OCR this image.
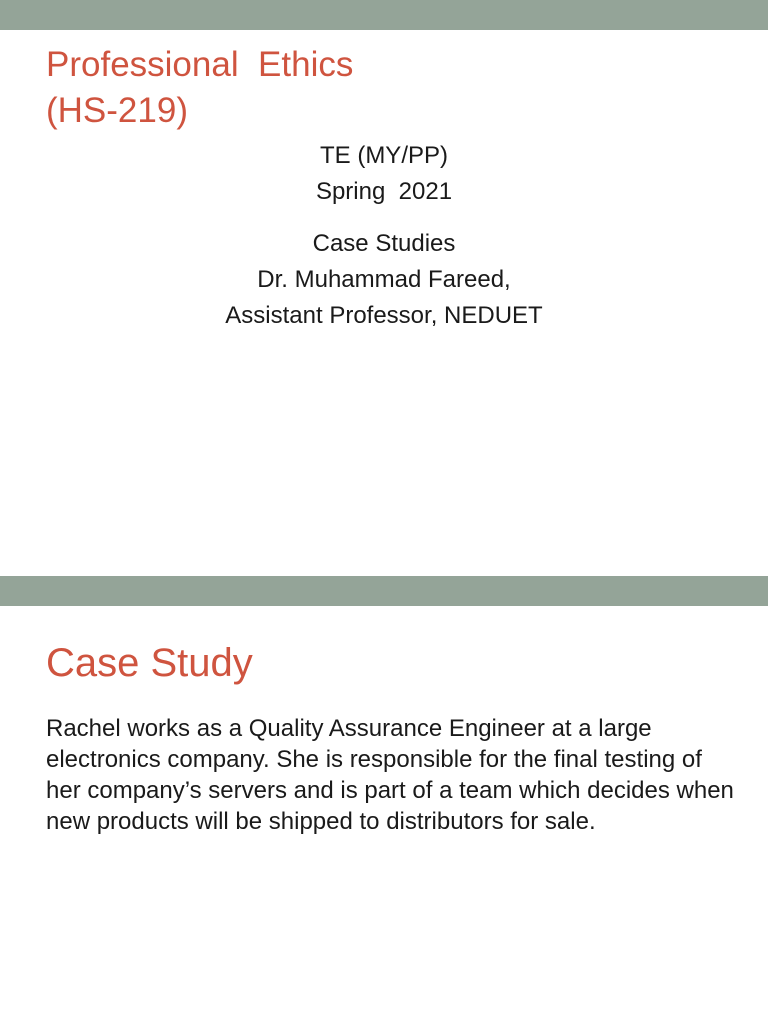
Professional  Ethics
(HS-219)
TE (MY/PP)
Spring  2021
Case Studies
Dr. Muhammad Fareed,
Assistant Professor, NEDUET
Case Study

Rachel works as a Quality Assurance Engineer at a large electronics company. She is responsible for the final testing of her company’s servers and is part of a team which decides when new products will be shipped to distributors for sale.
